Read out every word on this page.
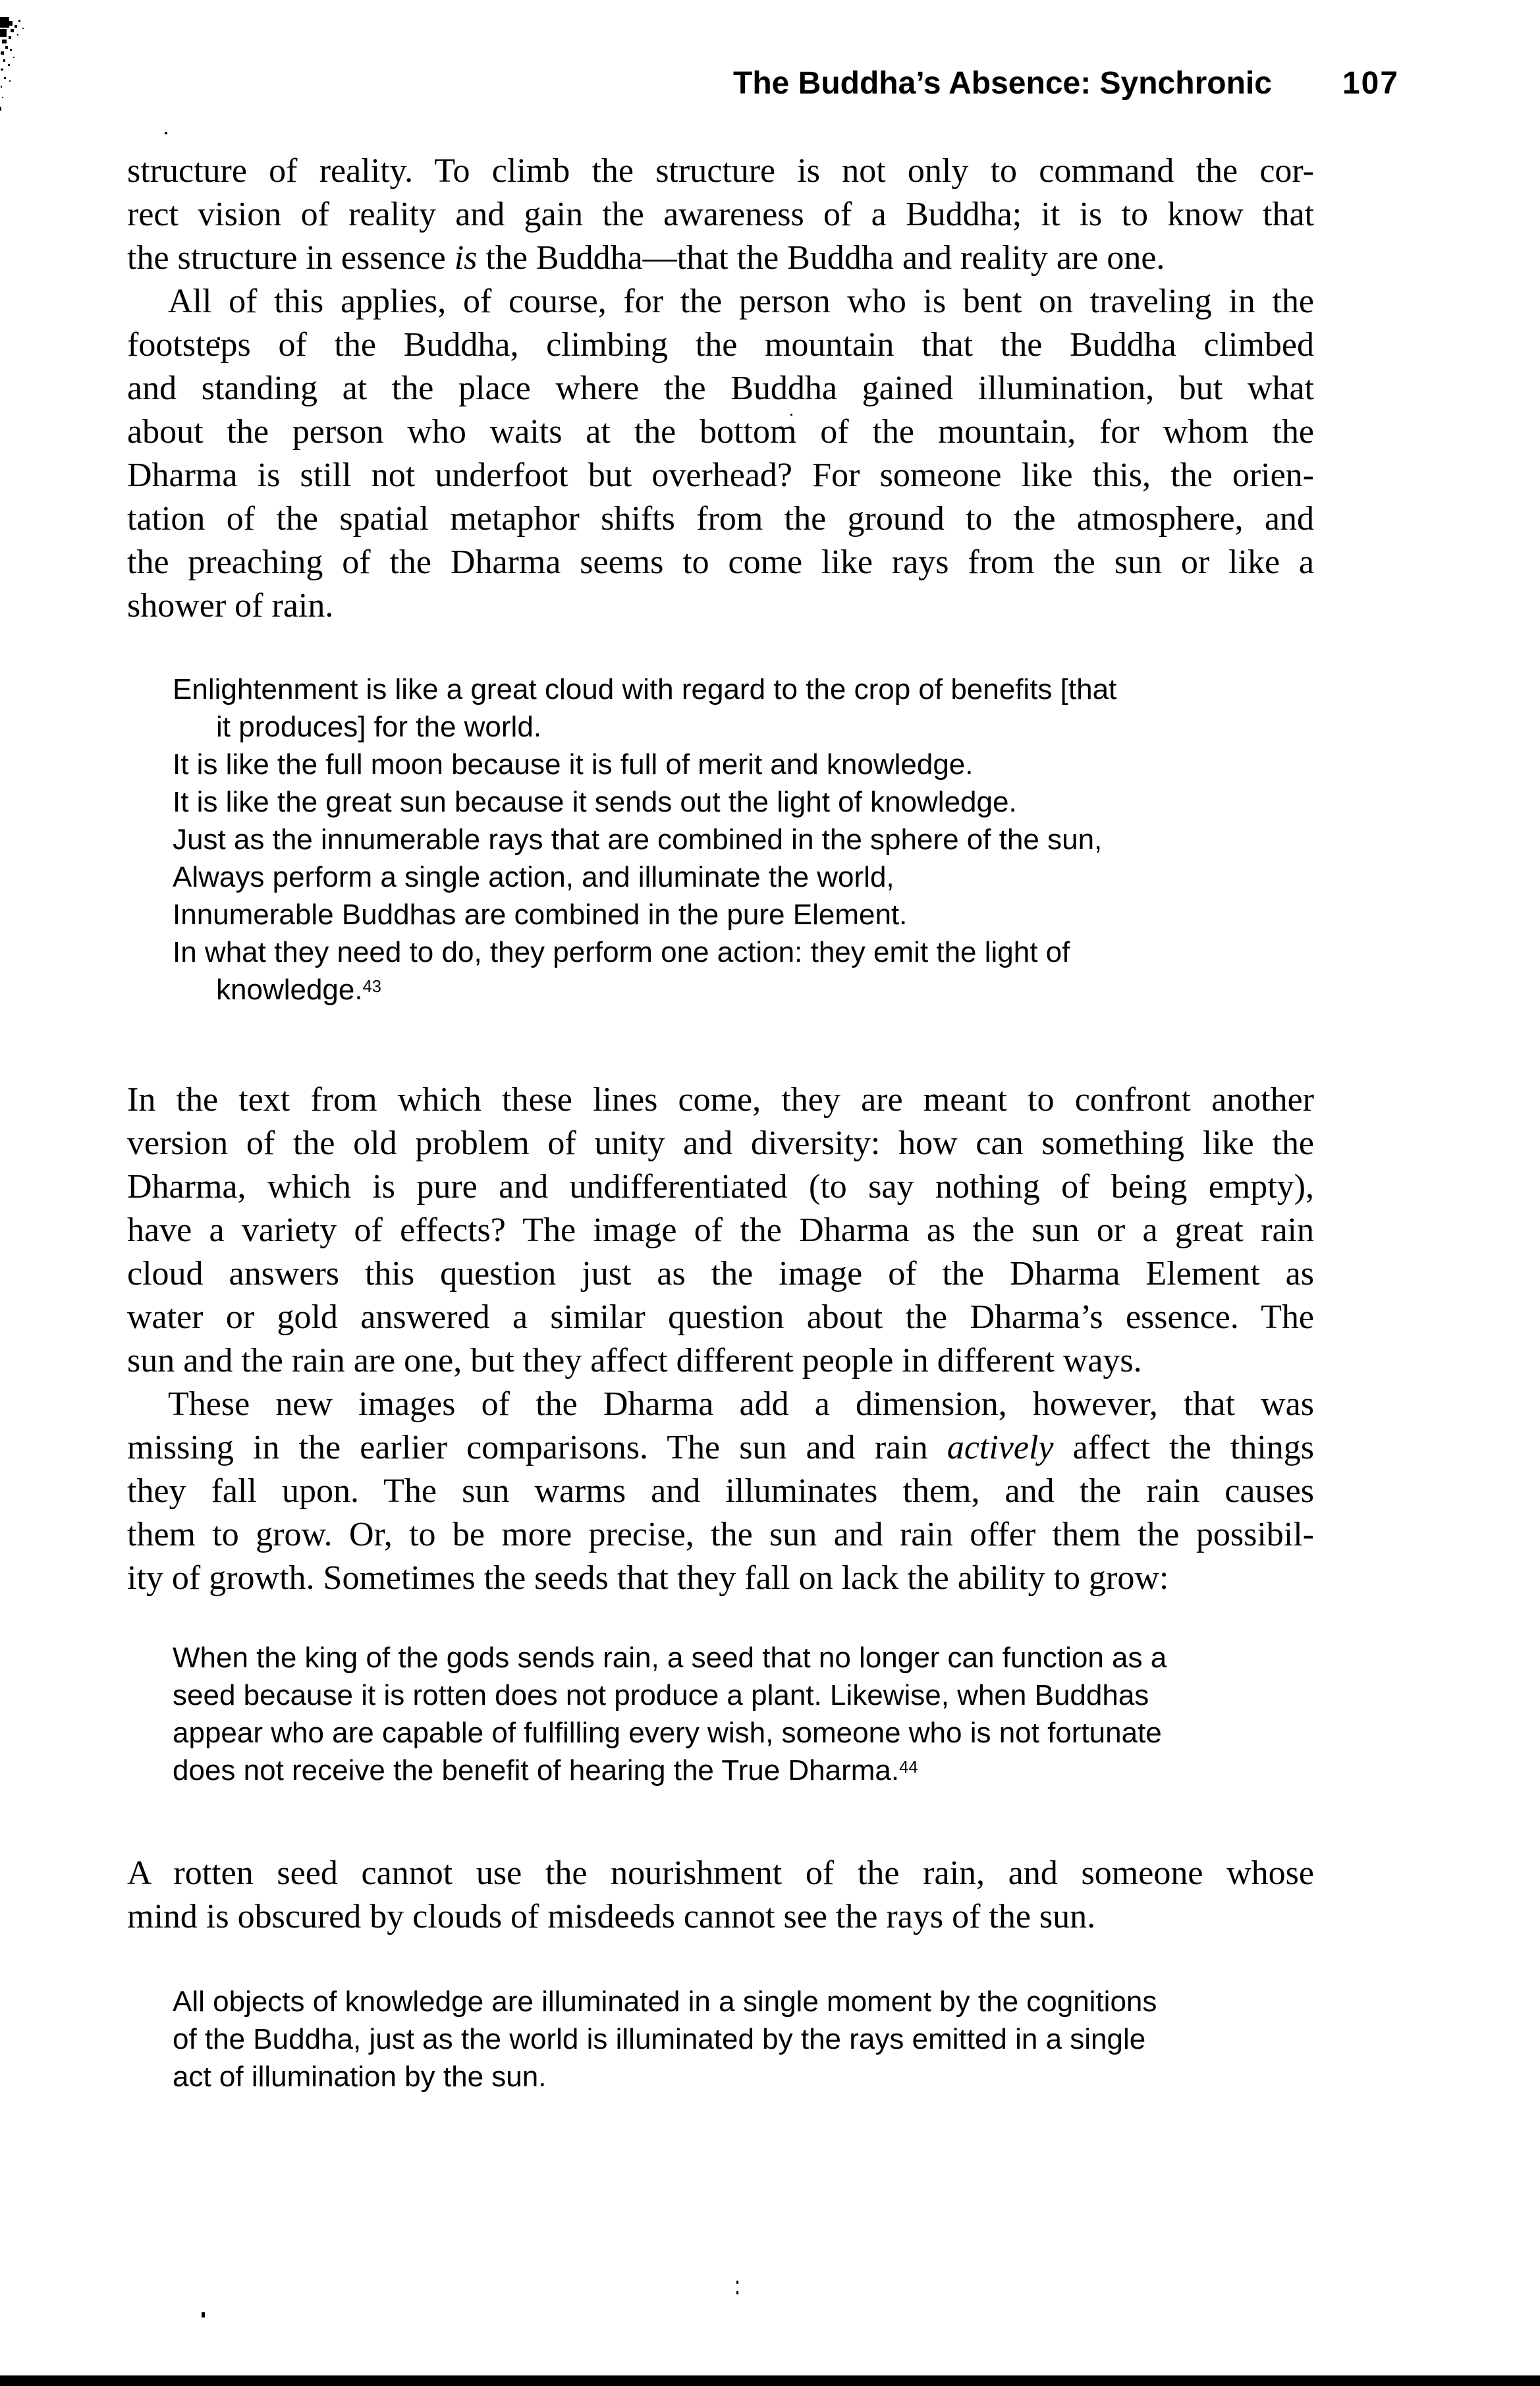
The Buddha’s Absence: Synchronic 107
structure of reality. To climb the structure is not only to command the cor-
rect vision of reality and gain the awareness of a Buddha; it is to know that
the structure in essence is the Buddha—that the Buddha and reality are one.
All of this applies, of course, for the person who is bent on traveling in the
footsteps of the Buddha, climbing the mountain that the Buddha climbed
and standing at the place where the Buddha gained illumination, but what
about the person who waits at the bottom of the mountain, for whom the
Dharma is still not underfoot but overhead? For someone like this, the orien-
tation of the spatial metaphor shifts from the ground to the atmosphere, and
the preaching of the Dharma seems to come like rays from the sun or like a
shower of rain.
Enlightenment is like a great cloud with regard to the crop of benefits [that
it produces] for the world.
It is like the full moon because it is full of merit and knowledge.
It is like the great sun because it sends out the light of knowledge.
Just as the innumerable rays that are combined in the sphere of the sun,
Always perform a single action, and illuminate the world,
Innumerable Buddhas are combined in the pure Element.
In what they need to do, they perform one action: they emit the light of
knowledge.$^{43}$
In the text from which these lines come, they are meant to confront another
version of the old problem of unity and diversity: how can something like the
Dharma, which is pure and undifferentiated (to say nothing of being empty),
have a variety of effects? The image of the Dharma as the sun or a great rain
cloud answers this question just as the image of the Dharma Element as
water or gold answered a similar question about the Dharma’s essence. The
sun and the rain are one, but they affect different people in different ways.
These new images of the Dharma add a dimension, however, that was
missing in the earlier comparisons. The sun and rain actively affect the things
they fall upon. The sun warms and illuminates them, and the rain causes
them to grow. Or, to be more precise, the sun and rain offer them the possibil-
ity of growth. Sometimes the seeds that they fall on lack the ability to grow:
When the king of the gods sends rain, a seed that no longer can function as a
seed because it is rotten does not produce a plant. Likewise, when Buddhas
appear who are capable of fulfilling every wish, someone who is not fortunate
does not receive the benefit of hearing the True Dharma.$^{44}$
A rotten seed cannot use the nourishment of the rain, and someone whose
mind is obscured by clouds of misdeeds cannot see the rays of the sun.
All objects of knowledge are illuminated in a single moment by the cognitions
of the Buddha, just as the world is illuminated by the rays emitted in a single
act of illumination by the sun.
